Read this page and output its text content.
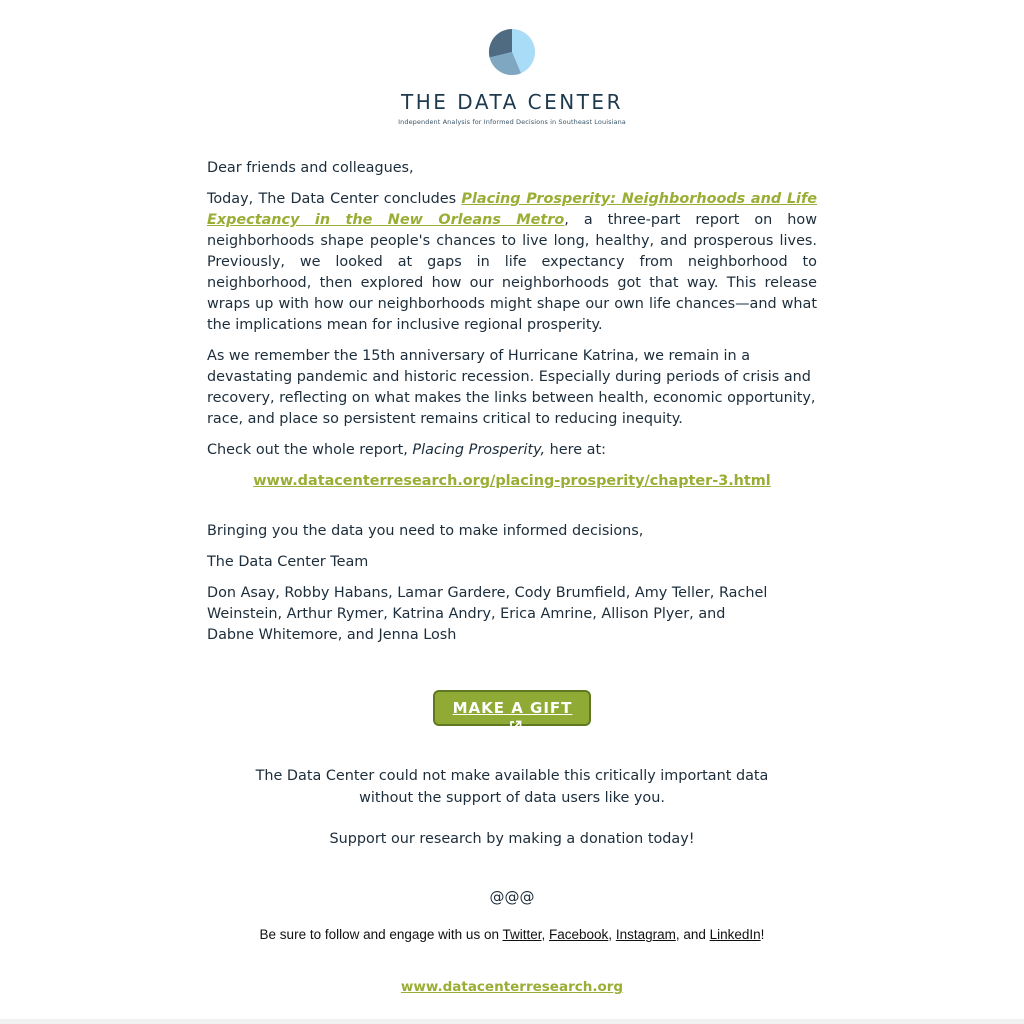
THE DATA CENTER
Independent Analysis for Informed Decisions in Southeast Louisiana

Dear friends and colleagues,

Today, The Data Center concludes Placing Prosperity: Neighborhoods and Life Expectancy in the New Orleans Metro, a three-part report on how neighborhoods shape people's chances to live long, healthy, and prosperous lives. Previously, we looked at gaps in life expectancy from neighborhood to neighborhood, then explored how our neighborhoods got that way. This release wraps up with how our neighborhoods might shape our own life chances—and what the implications mean for inclusive regional prosperity.

As we remember the 15th anniversary of Hurricane Katrina, we remain in a devastating pandemic and historic recession. Especially during periods of crisis and recovery, reflecting on what makes the links between health, economic opportunity, race, and place so persistent remains critical to reducing inequity.

Check out the whole report, Placing Prosperity, here at:

www.datacenterresearch.org/placing-prosperity/chapter-3.html

Bringing you the data you need to make informed decisions,

The Data Center Team

Don Asay, Robby Habans, Lamar Gardere, Cody Brumfield, Amy Teller, Rachel
Weinstein, Arthur Rymer, Katrina Andry, Erica Amrine, Allison Plyer, and
Dabne Whitemore, and Jenna Losh

MAKE A GIFT
The Data Center could not make available this critically important data
without the support of data users like you.
Support our research by making a donation today!
@@@
Be sure to follow and engage with us on Twitter, Facebook, Instagram, and LinkedIn!
www.datacenterresearch.org
